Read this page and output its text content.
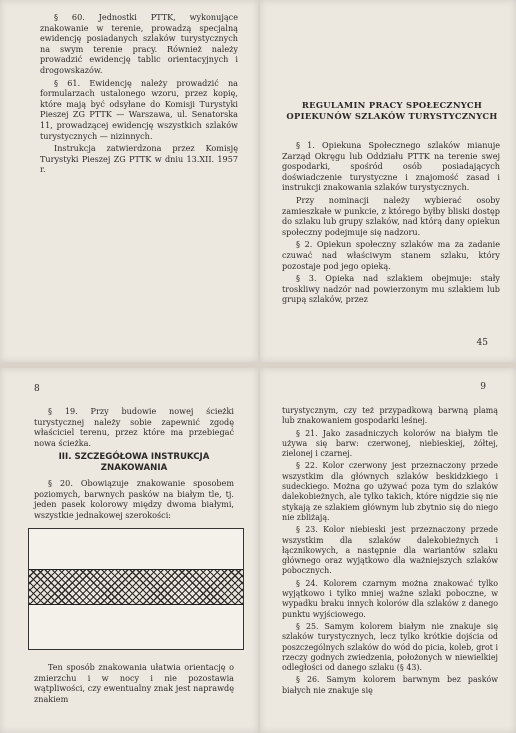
§ 60. Jednostki PTTK, wykonujące znakowanie w terenie, prowadzą specjalną ewidencję posiadanych szlaków turystycznych na swym terenie pracy. Również należy prowadzić ewidencję tablic orientacyjnych i drogowskazów.

§ 61. Ewidencję należy prowadzić na formularzach ustalonego wzoru, przez kopię, które mają być odsyłane do Komisji Turystyki Pieszej ZG PTTK — Warszawa, ul. Senatorska 11, prowadzącej ewidencję wszystkich szlaków turystycznych — nizinnych.

Instrukcja zatwierdzona przez Komisję Turystyki Pieszej ZG PTTK w dniu 13.XII. 1957 r.

REGULAMIN PRACY SPOŁECZNYCH OPIEKUNÓW SZLAKÓW TURYSTYCZNYCH

§ 1. Opiekuna Społecznego szlaków mianuje Zarząd Okręgu lub Oddziału PTTK na terenie swej gospodarki, spośród osób posiadających doświadczenie turystyczne i znajomość zasad i instrukcji znakowania szlaków turystycznych.

Przy nominacji należy wybierać osoby zamieszkałe w punkcie, z którego byłby bliski dostęp do szlaku lub grupy szlaków, nad którą dany opiekun społeczny podejmuje się nadzoru.

§ 2. Opiekun społeczny szlaków ma za zadanie czuwać nad właściwym stanem szlaku, który pozostaje pod jego opieką.

§ 3. Opieka nad szlakiem obejmuje: stały troskliwy nadzór nad powierzonym mu szlakiem lub grupą szlaków, przez

45
8

§ 19. Przy budowie nowej ścieżki turystycznej należy sobie zapewnić zgodę właściciel terenu, przez które ma przebiegać nowa ścieżka.

III. SZCZEGÓŁOWA INSTRUKCJA ZNAKOWANIA

§ 20. Obowiązuje znakowanie sposobem poziomych, barwnych pasków na białym tle, tj. jeden pasek kolorowy między dwoma białymi, wszystkie jednakowej szerokości:

Ten sposób znakowania ułatwia orientację o zmierzchu i w nocy i nie pozostawia wątpliwości, czy ewentualny znak jest naprawdę znakiem

9

turystycznym, czy też przypadkową barwną plamą lub znakowaniem gospodarki leśnej.

§ 21. Jako zasadniczych kolorów na białym tle używa się barw: czerwonej, niebieskiej, żółtej, zielonej i czarnej.

§ 22. Kolor czerwony jest przeznaczony przede wszystkim dla głównych szlaków beskidzkiego i sudeckiego. Można go używać poza tym do szlaków dalekobieżnych, ale tylko takich, które nigdzie się nie stykają ze szlakiem głównym lub zbytnio się do niego nie zbliżają.

§ 23. Kolor niebieski jest przeznaczony przede wszystkim dla szlaków dalekobieżnych i łącznikowych, a następnie dla wariantów szlaku głównego oraz wyjątkowo dla ważniejszych szlaków pobocznych.

§ 24. Kolorem czarnym można znakować tylko wyjątkowo i tylko mniej ważne szlaki poboczne, w wypadku braku innych kolorów dla szlaków z danego punktu wyjściowego.

§ 25. Samym kolorem białym nie znakuje się szlaków turystycznych, lecz tylko krótkie dojścia od poszczególnych szlaków do wód do picia, koleb, grot i rzeczy godnych zwiedzenia, położonych w niewielkiej odległości od danego szlaku (§ 43).

§ 26. Samym kolorem barwnym bez pasków białych nie znakuje się
